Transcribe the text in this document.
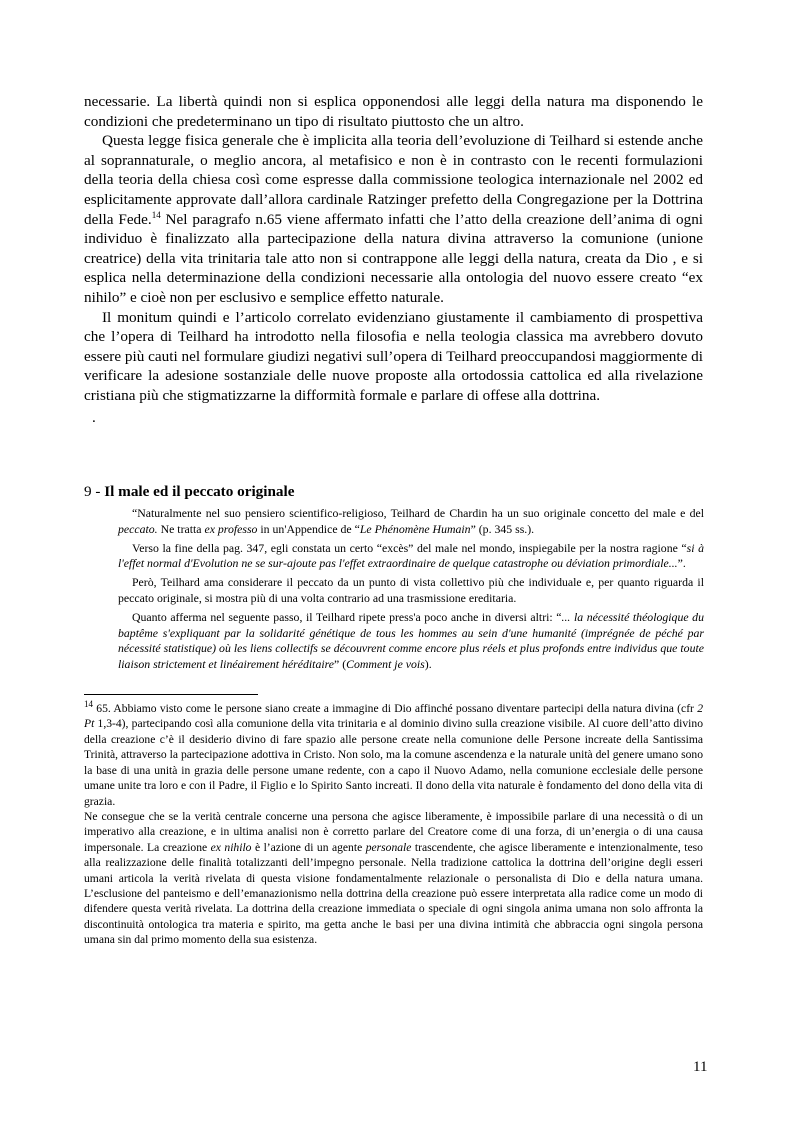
necessarie. La libertà quindi non si esplica opponendosi alle leggi della natura ma disponendo le condizioni che predeterminano un tipo di risultato piuttosto che un altro.

Questa legge fisica generale che è implicita alla teoria dell’evoluzione di Teilhard si estende anche al soprannaturale, o meglio ancora, al metafisico e non è in contrasto con le recenti formulazioni della teoria della chiesa così come espresse dalla commissione teologica internazionale nel 2002 ed esplicitamente approvate dall’allora cardinale Ratzinger prefetto della Congregazione per la Dottrina della Fede.$^{14}$ Nel paragrafo n.65 viene affermato infatti che l’atto della creazione dell’anima di ogni individuo è finalizzato alla partecipazione della natura divina attraverso la comunione (unione creatrice) della vita trinitaria tale atto non si contrappone alle leggi della natura, creata da Dio , e si esplica nella determinazione della condizioni necessarie alla ontologia del nuovo essere creato “ex nihilo” e cioè non per esclusivo e semplice effetto naturale.

Il monitum quindi e l’articolo correlato evidenziano giustamente il cambiamento di prospettiva che l’opera di Teilhard ha introdotto nella filosofia e nella teologia classica ma avrebbero dovuto essere più cauti nel formulare giudizi negativi sull’opera di Teilhard preoccupandosi maggiormente di verificare la adesione sostanziale delle nuove proposte alla ortodossia cattolica ed alla rivelazione cristiana più che stigmatizzarne la difformità formale e parlare di offese alla dottrina.

.

9 - Il male ed il peccato originale

“Naturalmente nel suo pensiero scientifico-religioso, Teilhard de Chardin ha un suo originale concetto del male e del peccato. Ne tratta ex professo in un'Appendice de “Le Phénomène Humain” (p. 345 ss.).

Verso la fine della pag. 347, egli constata un certo “excès” del male nel mondo, inspiegabile per la nostra ragione “si à l'effet normal d'Evolution ne se sur-ajoute pas l'effet extraordinaire de quelque catastrophe ou déviation primordiale...”.

Però, Teilhard ama considerare il peccato da un punto di vista collettivo più che individuale e, per quanto riguarda il peccato originale, si mostra più di una volta contrario ad una trasmissione ereditaria.

Quanto afferma nel seguente passo, il Teilhard ripete press'a poco anche in diversi altri: “... la nécessité théologique du baptême s'expliquant par la solidarité génétique de tous les hommes au sein d'une humanité (imprégnée de péché par nécessité statistique) où les liens collectifs se découvrent comme encore plus réels et plus profonds entre individus que toute liaison strictement et linéairement héréditaire” (Comment je vois).

$^{14}$ 65. Abbiamo visto come le persone siano create a immagine di Dio affinché possano diventare partecipi della natura divina (cfr 2 Pt 1,3-4), partecipando così alla comunione della vita trinitaria e al dominio divino sulla creazione visibile. Al cuore dell’atto divino della creazione c’è il desiderio divino di fare spazio alle persone create nella comunione delle Persone increate della Santissima Trinità, attraverso la partecipazione adottiva in Cristo. Non solo, ma la comune ascendenza e la naturale unità del genere umano sono la base di una unità in grazia delle persone umane redente, con a capo il Nuovo Adamo, nella comunione ecclesiale delle persone umane unite tra loro e con il Padre, il Figlio e lo Spirito Santo increati. Il dono della vita naturale è fondamento del dono della vita di grazia.

Ne consegue che se la verità centrale concerne una persona che agisce liberamente, è impossibile parlare di una necessità o di un imperativo alla creazione, e in ultima analisi non è corretto parlare del Creatore come di una forza, di un’energia o di una causa impersonale. La creazione ex nihilo è l’azione di un agente personale trascendente, che agisce liberamente e intenzionalmente, teso alla realizzazione delle finalità totalizzanti dell’impegno personale. Nella tradizione cattolica la dottrina dell’origine degli esseri umani articola la verità rivelata di questa visione fondamentalmente relazionale o personalista di Dio e della natura umana. L’esclusione del panteismo e dell’emanazionismo nella dottrina della creazione può essere interpretata alla radice come un modo di difendere questa verità rivelata. La dottrina della creazione immediata o speciale di ogni singola anima umana non solo affronta la discontinuità ontologica tra materia e spirito, ma getta anche le basi per una divina intimità che abbraccia ogni singola persona umana sin dal primo momento della sua esistenza.

11
